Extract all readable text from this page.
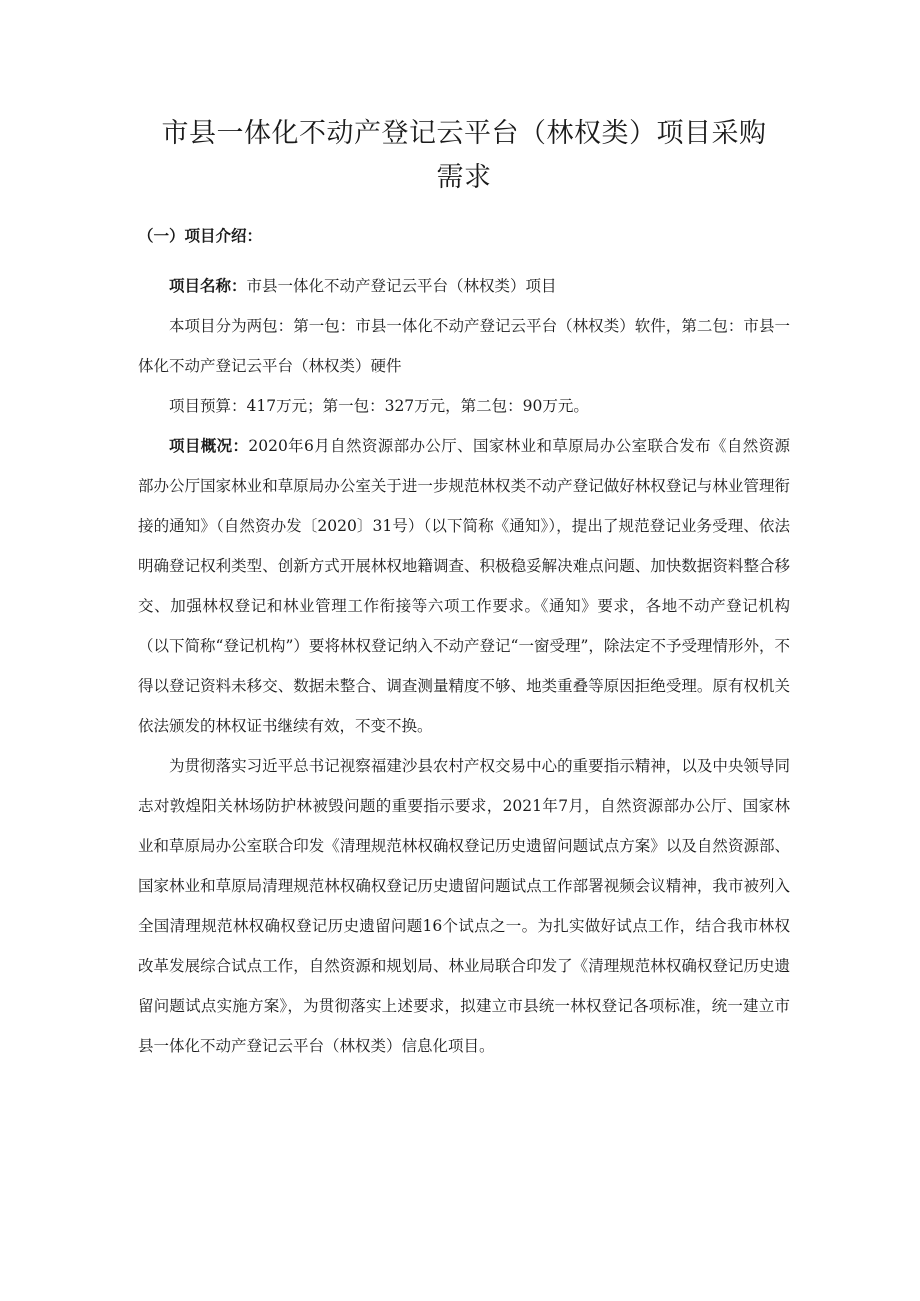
市县一体化不动产登记云平台（林权类）项目采购
需求
（一）项目介绍：

项目名称：市县一体化不动产登记云平台（林权类）项目

本项目分为两包：第一包：市县一体化不动产登记云平台（林权类）软件，第二包：市县一体化不动产登记云平台（林权类）硬件

项目预算：417万元；第一包：327万元，第二包：90万元。

项目概况：2020年6月自然资源部办公厅、国家林业和草原局办公室联合发布《自然资源部办公厅国家林业和草原局办公室关于进一步规范林权类不动产登记做好林权登记与林业管理衔接的通知》（自然资办发〔2020〕31号）（以下简称《通知》），提出了规范登记业务受理、依法明确登记权利类型、创新方式开展林权地籍调查、积极稳妥解决难点问题、加快数据资料整合移交、加强林权登记和林业管理工作衔接等六项工作要求。《通知》要求，各地不动产登记机构（以下简称“登记机构”）要将林权登记纳入不动产登记“一窗受理”，除法定不予受理情形外，不得以登记资料未移交、数据未整合、调查测量精度不够、地类重叠等原因拒绝受理。原有权机关依法颁发的林权证书继续有效，不变不换。

为贯彻落实习近平总书记视察福建沙县农村产权交易中心的重要指示精神，以及中央领导同志对敦煌阳关林场防护林被毁问题的重要指示要求，2021年7月，自然资源部办公厅、国家林业和草原局办公室联合印发《清理规范林权确权登记历史遗留问题试点方案》以及自然资源部、国家林业和草原局清理规范林权确权登记历史遗留问题试点工作部署视频会议精神，我市被列入全国清理规范林权确权登记历史遗留问题16个试点之一。为扎实做好试点工作，结合我市林权改革发展综合试点工作，自然资源和规划局、林业局联合印发了《清理规范林权确权登记历史遗留问题试点实施方案》，为贯彻落实上述要求，拟建立市县统一林权登记各项标准，统一建立市县一体化不动产登记云平台（林权类）信息化项目。
